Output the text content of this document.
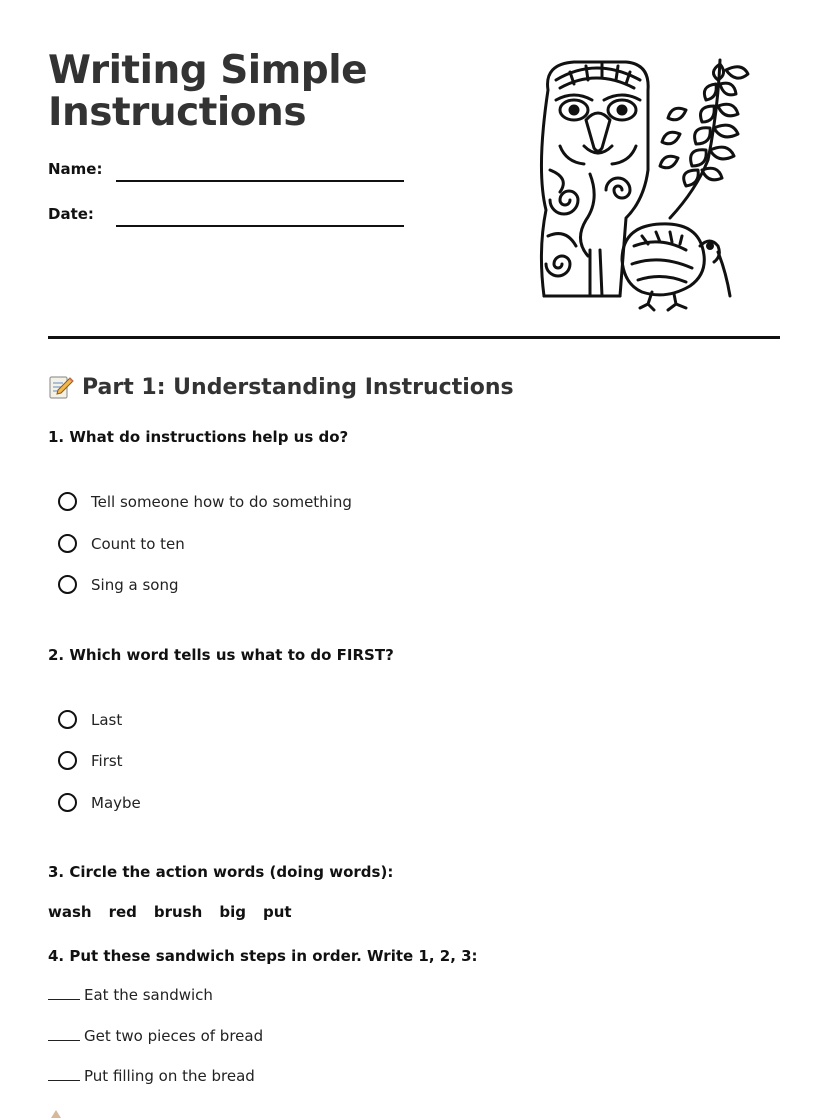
Writing Simple Instructions
Name:
Date:
Part 1: Understanding Instructions
1. What do instructions help us do?
Tell someone how to do something
Count to ten
Sing a song
2. Which word tells us what to do FIRST?
Last
First
Maybe
3. Circle the action words (doing words):
wash red brush big put
4. Put these sandwich steps in order. Write 1, 2, 3:
Eat the sandwich
Get two pieces of bread
Put filling on the bread
